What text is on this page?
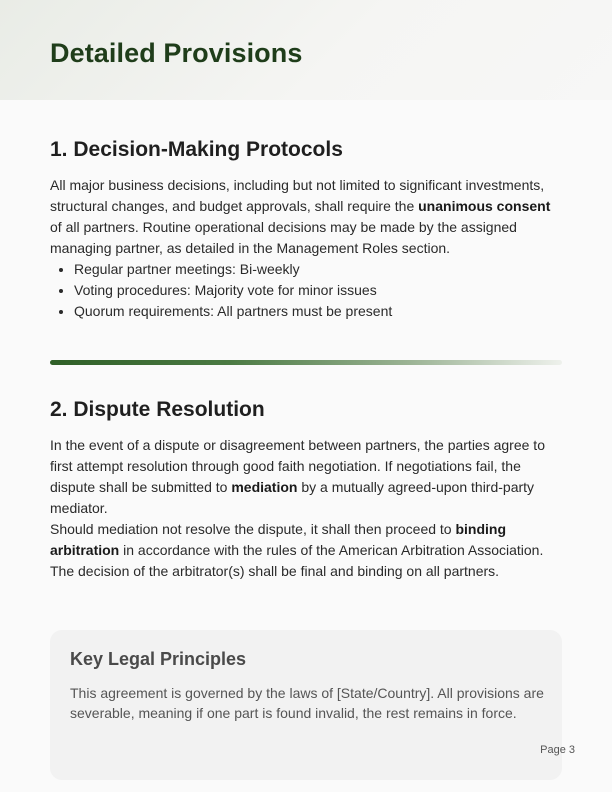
Detailed Provisions
1. Decision-Making Protocols

All major business decisions, including but not limited to significant investments, structural changes, and budget approvals, shall require the unanimous consent of all partners. Routine operational decisions may be made by the assigned managing partner, as detailed in the Management Roles section.

• Regular partner meetings: Bi-weekly
• Voting procedures: Majority vote for minor issues
• Quorum requirements: All partners must be present
2. Dispute Resolution

In the event of a dispute or disagreement between partners, the parties agree to first attempt resolution through good faith negotiation. If negotiations fail, the dispute shall be submitted to mediation by a mutually agreed-upon third-party mediator.

Should mediation not resolve the dispute, it shall then proceed to binding arbitration in accordance with the rules of the American Arbitration Association. The decision of the arbitrator(s) shall be final and binding on all partners.

Key Legal Principles

This agreement is governed by the laws of [State/Country]. All provisions are severable, meaning if one part is found invalid, the rest remains in force.

Page 3
